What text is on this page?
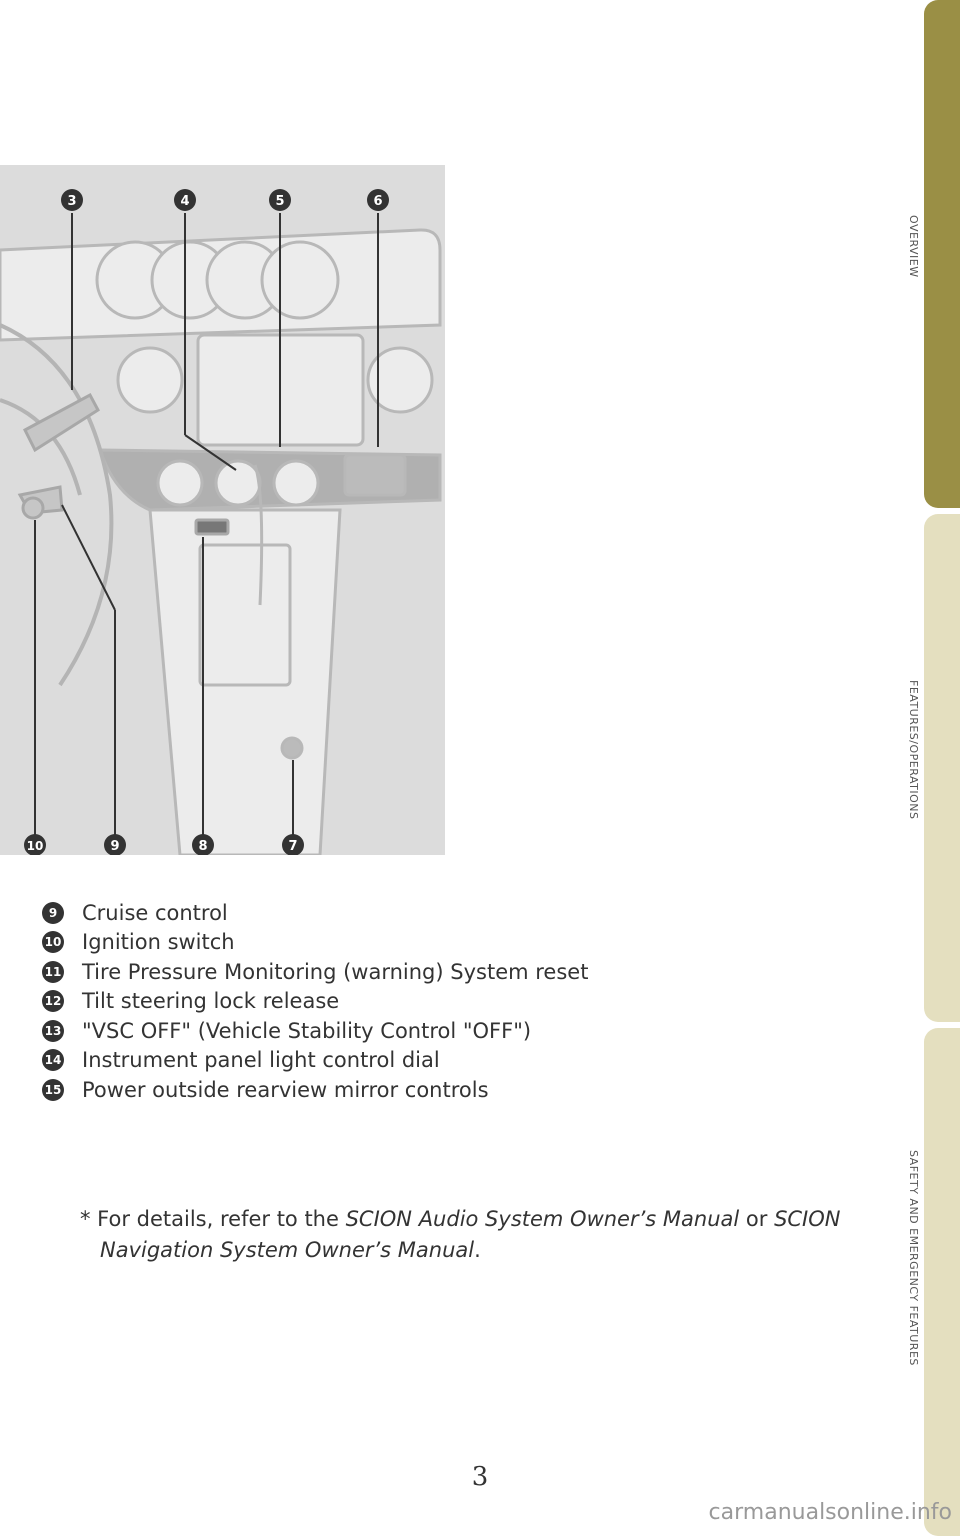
OVERVIEW
FEATURES/OPERATIONS
SAFETY AND EMERGENCY FEATURES
3	4	5	6
10	9	8	7
9	Cruise control
10 Ignition switch
11 Tire Pressure Monitoring (warning) System reset
12 Tilt steering lock release
13 "VSC OFF" (Vehicle Stability Control "OFF")
14 Instrument panel light control dial
15 Power outside rearview mirror controls
* For details, refer to the SCION Audio System Owner’s Manual or SCION
Navigation System Owner’s Manual.
3
carmanualsonline.info
